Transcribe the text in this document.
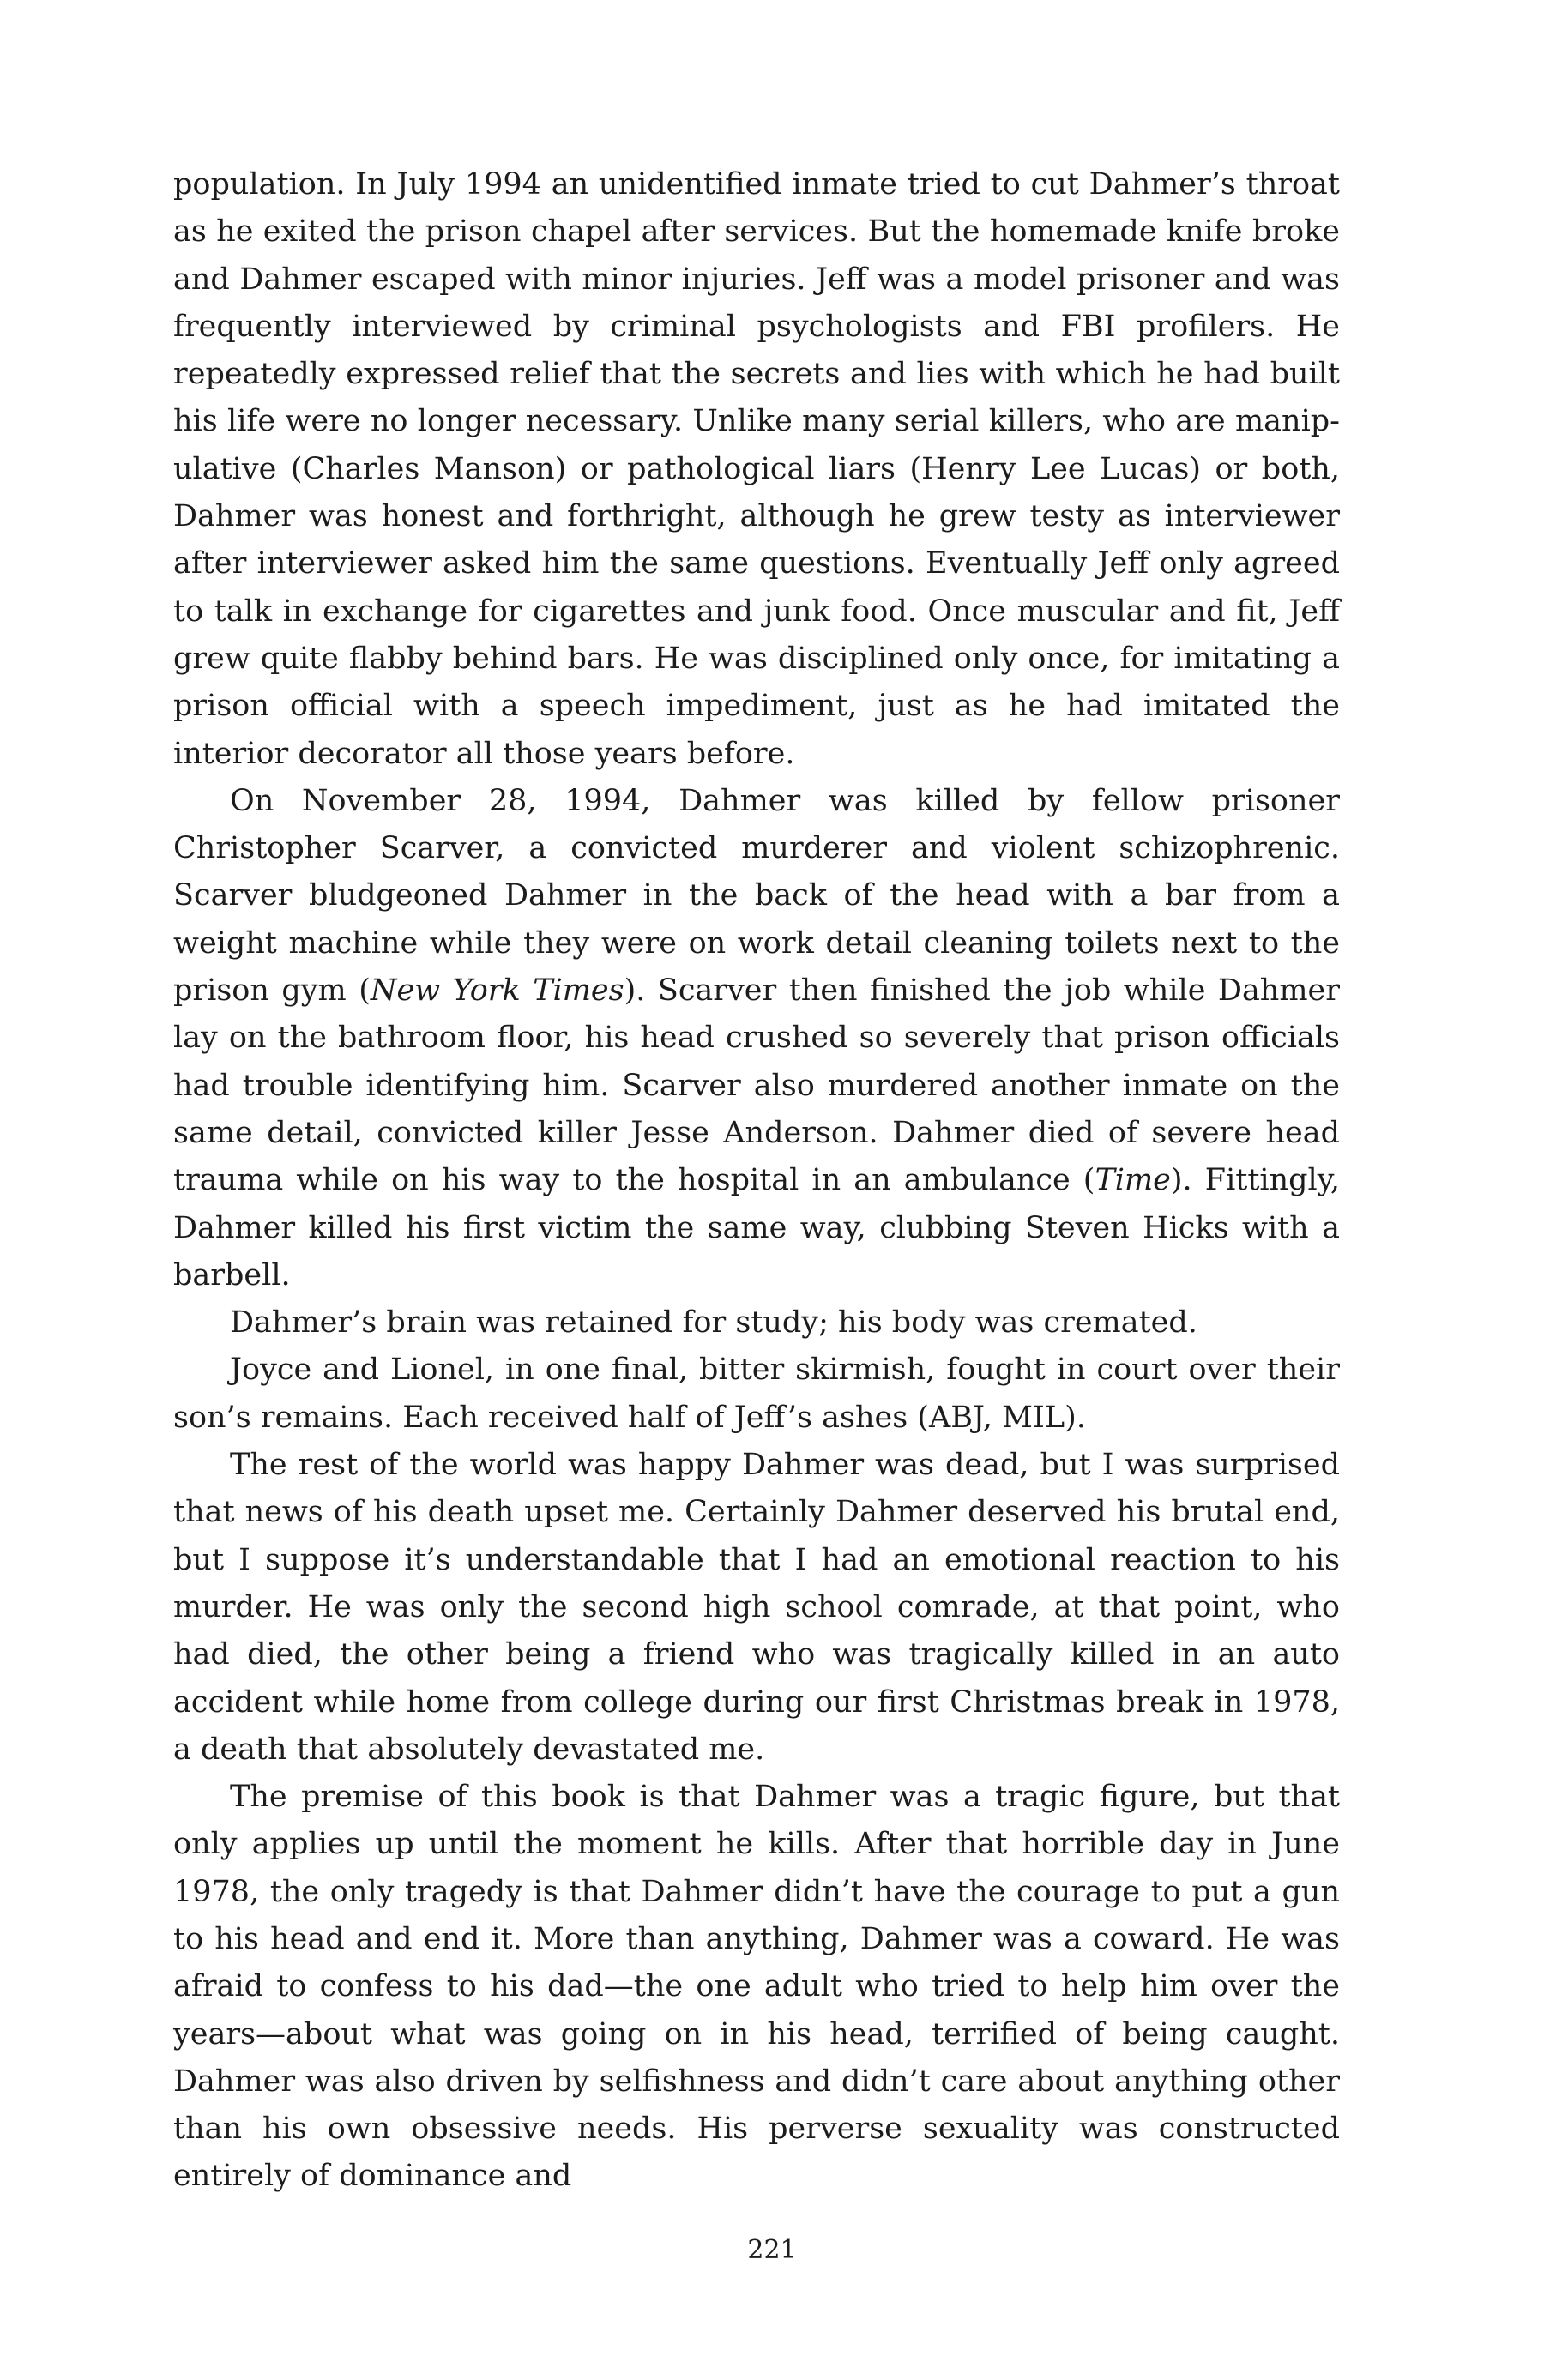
population. In July 1994 an unidentified inmate tried to cut Dahmer’s throat as he exited the prison chapel after services. But the homemade knife broke and Dahmer escaped with minor injuries. Jeff was a model prisoner and was frequently interviewed by criminal psychologists and FBI profilers. He repeatedly expressed relief that the secrets and lies with which he had built his life were no longer necessary. Unlike many serial killers, who are manipulative (Charles Manson) or pathological liars (Henry Lee Lucas) or both, Dahmer was honest and forthright, although he grew testy as interviewer after interviewer asked him the same questions. Eventually Jeff only agreed to talk in exchange for cigarettes and junk food. Once muscular and fit, Jeff grew quite flabby behind bars. He was disciplined only once, for imitating a prison official with a speech impediment, just as he had imitated the interior decorator all those years before.

On November 28, 1994, Dahmer was killed by fellow prisoner Christopher Scarver, a convicted murderer and violent schizophrenic. Scarver bludgeoned Dahmer in the back of the head with a bar from a weight machine while they were on work detail cleaning toilets next to the prison gym (New York Times). Scarver then finished the job while Dahmer lay on the bathroom floor, his head crushed so severely that prison officials had trouble identifying him. Scarver also murdered another inmate on the same detail, convicted killer Jesse Anderson. Dahmer died of severe head trauma while on his way to the hospital in an ambulance (Time). Fittingly, Dahmer killed his first victim the same way, clubbing Steven Hicks with a barbell.

Dahmer’s brain was retained for study; his body was cremated.

Joyce and Lionel, in one final, bitter skirmish, fought in court over their son’s remains. Each received half of Jeff’s ashes (ABJ, MIL).

The rest of the world was happy Dahmer was dead, but I was surprised that news of his death upset me. Certainly Dahmer deserved his brutal end, but I suppose it’s understandable that I had an emotional reaction to his murder. He was only the second high school comrade, at that point, who had died, the other being a friend who was tragically killed in an auto accident while home from college during our first Christmas break in 1978, a death that absolutely devastated me.

The premise of this book is that Dahmer was a tragic figure, but that only applies up until the moment he kills. After that horrible day in June 1978, the only tragedy is that Dahmer didn’t have the courage to put a gun to his head and end it. More than anything, Dahmer was a coward. He was afraid to confess to his dad—the one adult who tried to help him over the years—about what was going on in his head, terrified of being caught. Dahmer was also driven by selfishness and didn’t care about anything other than his own obsessive needs. His perverse sexuality was constructed entirely of dominance and

221
